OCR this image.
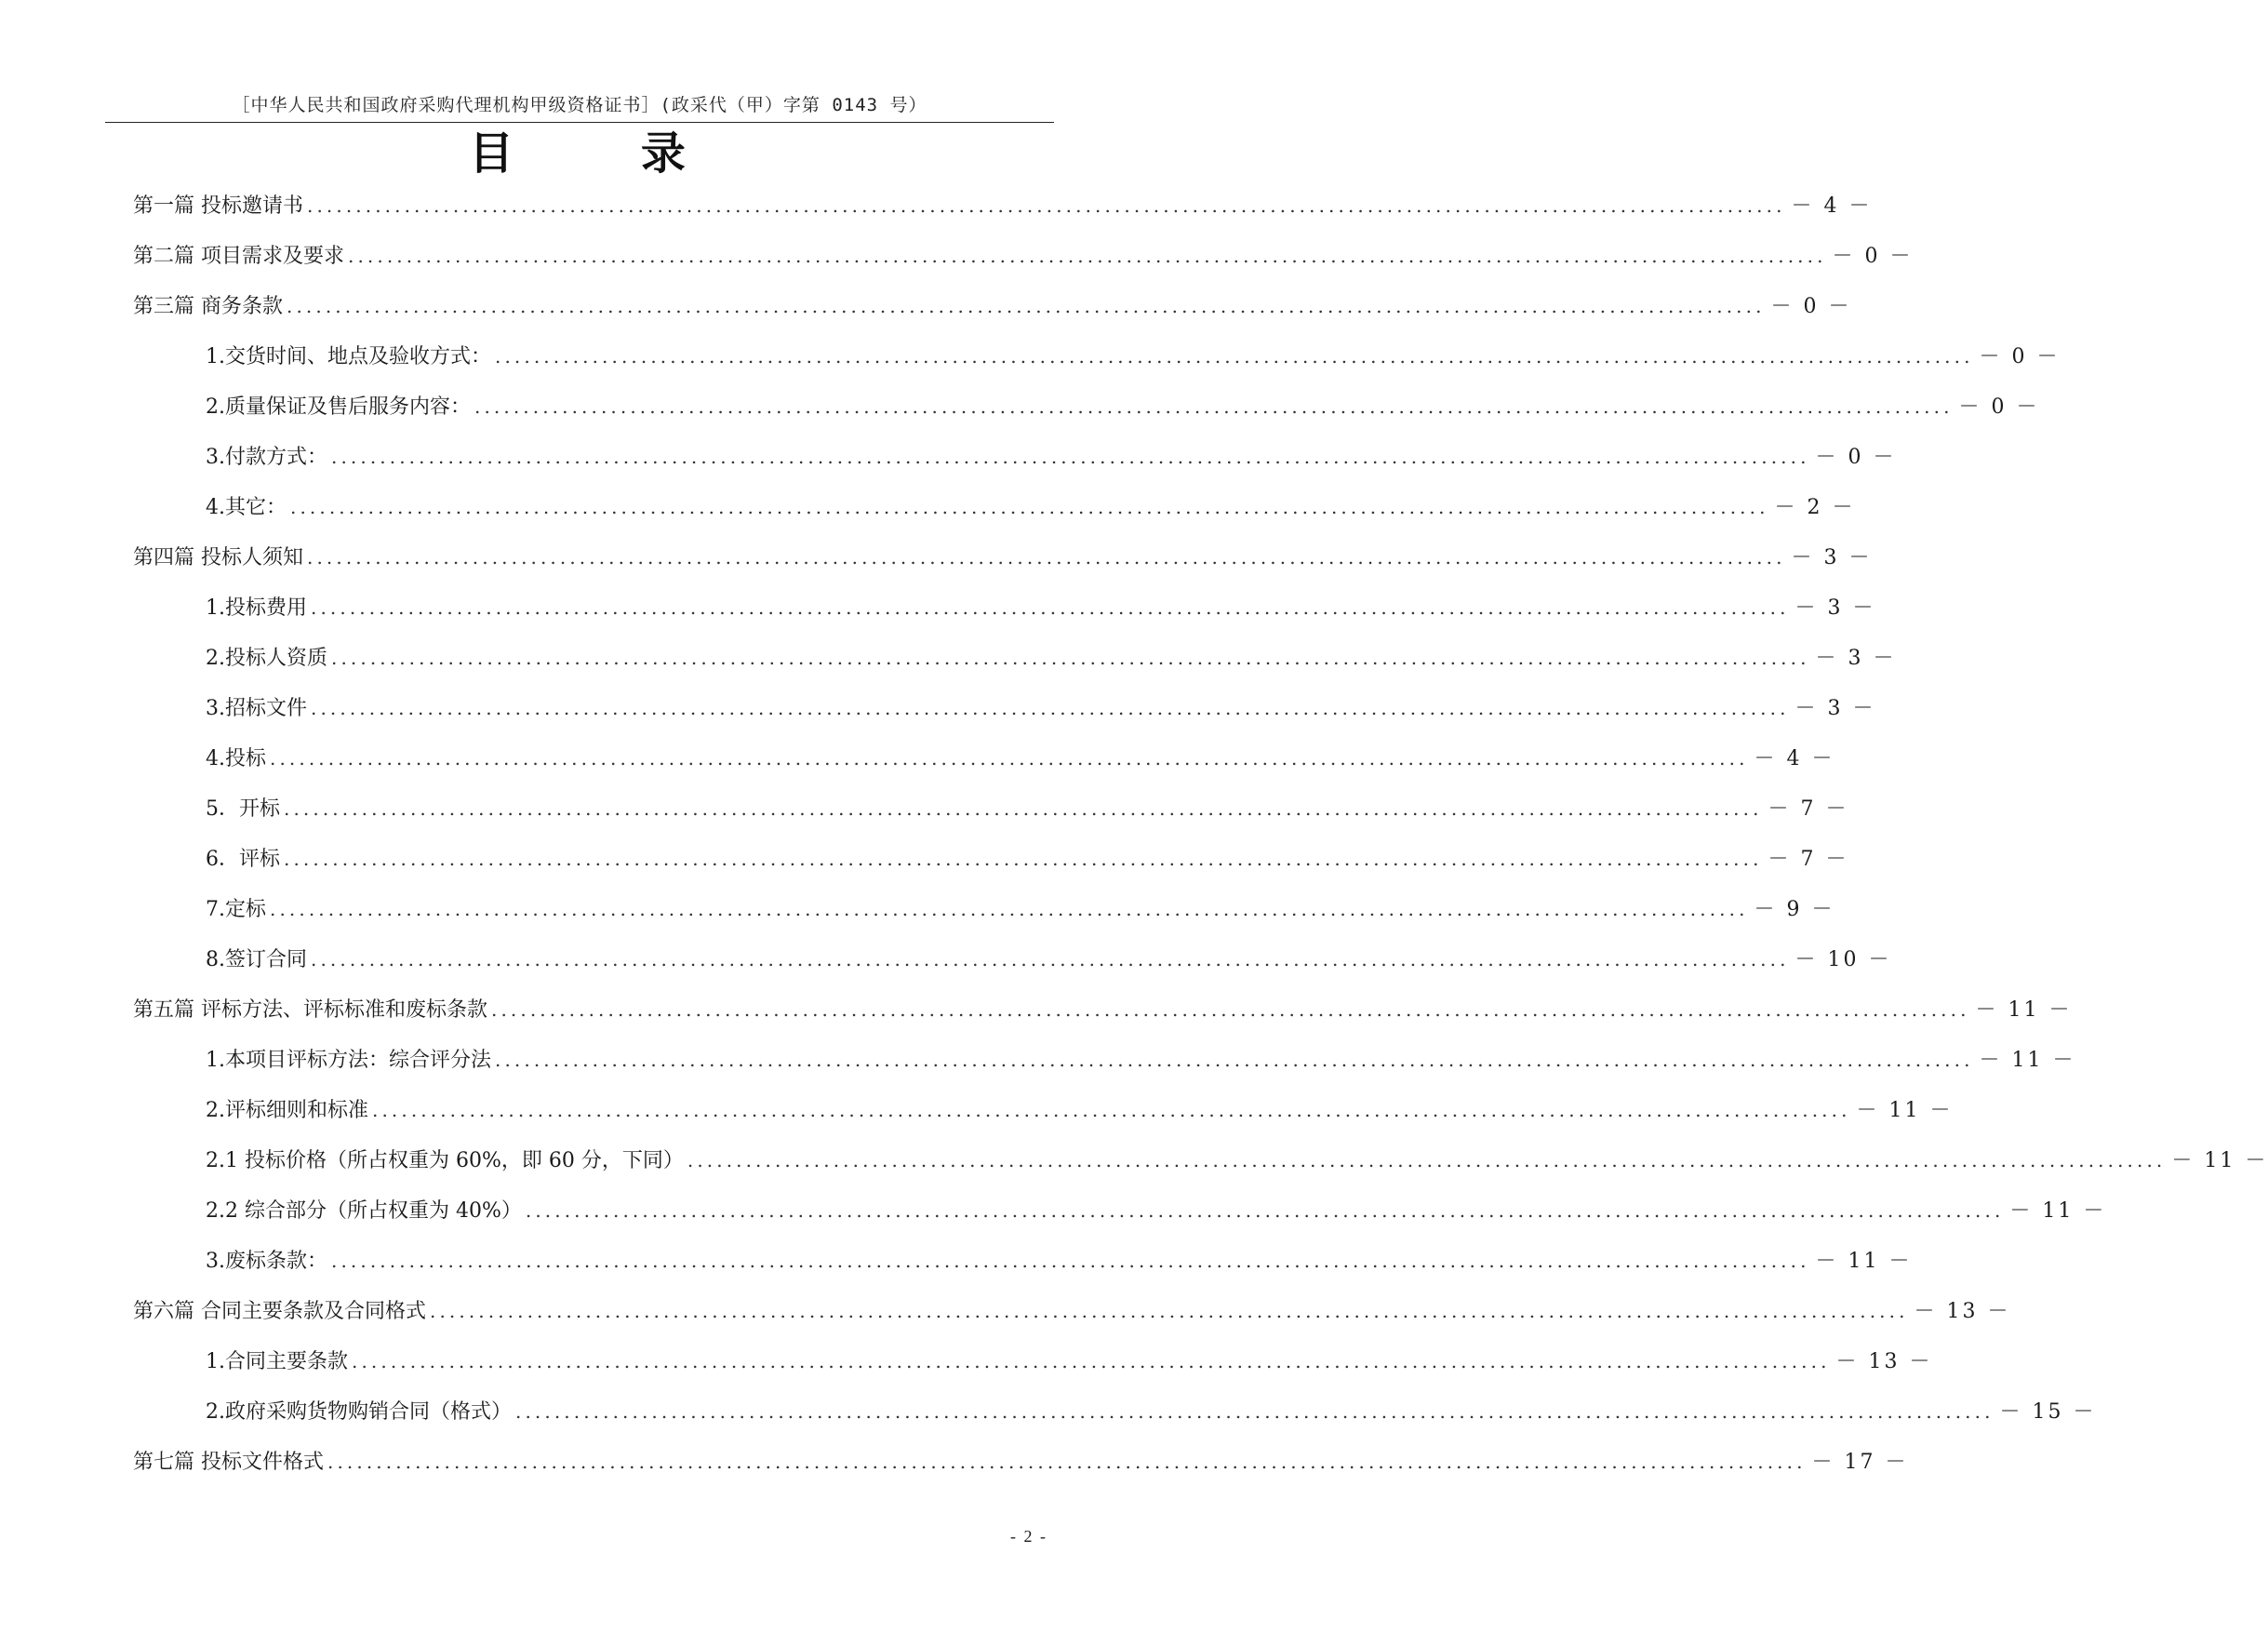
［中华人民共和国政府采购代理机构甲级资格证书］(政采代（甲）字第 0143 号）
目 录
第一篇 投标邀请书 ........................................................................................................................................................ － 4 －
第二篇 项目需求及要求 ........................................................................................................................................................ － 0 －
第三篇 商务条款 ........................................................................................................................................................ － 0 －
1.交货时间、地点及验收方式： ........................................................................................................................................................ － 0 －
2.质量保证及售后服务内容： ........................................................................................................................................................ － 0 －
3.付款方式： ........................................................................................................................................................ － 0 －
4.其它： ........................................................................................................................................................ － 2 －
第四篇 投标人须知 ........................................................................................................................................................ － 3 －
1.投标费用 ........................................................................................................................................................ － 3 －
2.投标人资质 ........................................................................................................................................................ － 3 －
3.招标文件 ........................................................................................................................................................ － 3 －
4.投标 ........................................................................................................................................................ － 4 －
5．开标 ........................................................................................................................................................ － 7 －
6．评标 ........................................................................................................................................................ － 7 －
7.定标 ........................................................................................................................................................ － 9 －
8.签订合同 ........................................................................................................................................................ － 10 －
第五篇 评标方法、评标标准和废标条款 ........................................................................................................................................................ － 11 －
1.本项目评标方法：综合评分法 ........................................................................................................................................................ － 11 －
2.评标细则和标准 ........................................................................................................................................................ － 11 －
2.1 投标价格（所占权重为 60%，即 60 分，下同） ........................................................................................................................................................ － 11 －
2.2 综合部分（所占权重为 40%） ........................................................................................................................................................ － 11 －
3.废标条款： ........................................................................................................................................................ － 11 －
第六篇 合同主要条款及合同格式 ........................................................................................................................................................ － 13 －
1.合同主要条款 ........................................................................................................................................................ － 13 －
2.政府采购货物购销合同（格式） ........................................................................................................................................................ － 15 －
第七篇 投标文件格式 ........................................................................................................................................................ － 17 －
- 2 -
